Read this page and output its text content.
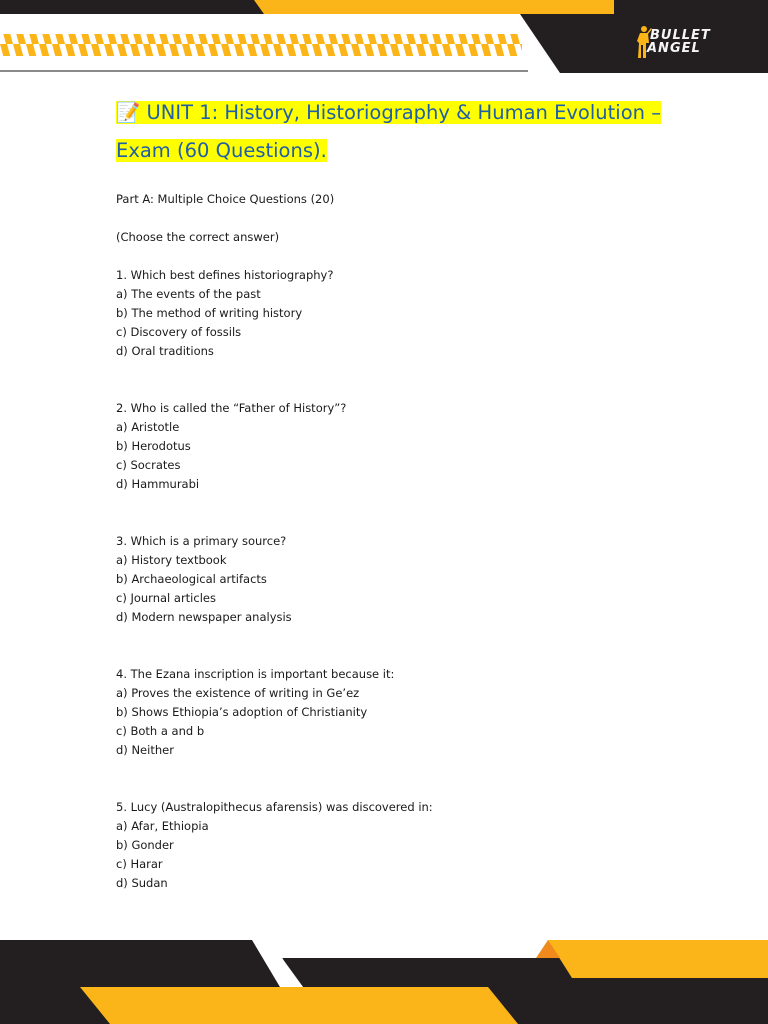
BULLET
ANGEL
📝 UNIT 1: History, Historiography & Human Evolution –
Exam (60 Questions).

Part A: Multiple Choice Questions (20)

(Choose the correct answer)

1. Which best defines historiography?
a) The events of the past
b) The method of writing history
c) Discovery of fossils
d) Oral traditions
2. Who is called the “Father of History”?
a) Aristotle
b) Herodotus
c) Socrates
d) Hammurabi
3. Which is a primary source?
a) History textbook
b) Archaeological artifacts
c) Journal articles
d) Modern newspaper analysis
4. The Ezana inscription is important because it:
a) Proves the existence of writing in Ge’ez
b) Shows Ethiopia’s adoption of Christianity
c) Both a and b
d) Neither
5. Lucy (Australopithecus afarensis) was discovered in:
a) Afar, Ethiopia
b) Gonder
c) Harar
d) Sudan
